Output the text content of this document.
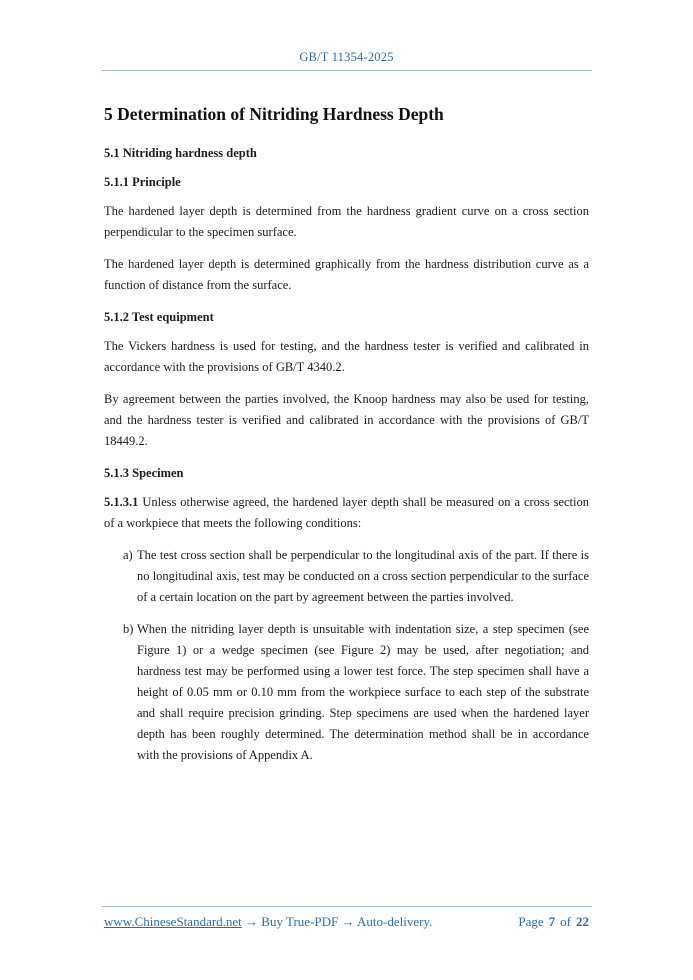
GB/T 11354-2025
5 Determination of Nitriding Hardness Depth
5.1 Nitriding hardness depth
5.1.1 Principle

The hardened layer depth is determined from the hardness gradient curve on a cross section perpendicular to the specimen surface.

The hardened layer depth is determined graphically from the hardness distribution curve as a function of distance from the surface.

5.1.2 Test equipment

The Vickers hardness is used for testing, and the hardness tester is verified and calibrated in accordance with the provisions of GB/T 4340.2.

By agreement between the parties involved, the Knoop hardness may also be used for testing, and the hardness tester is verified and calibrated in accordance with the provisions of GB/T 18449.2.

5.1.3 Specimen

5.1.3.1 Unless otherwise agreed, the hardened layer depth shall be measured on a cross section of a workpiece that meets the following conditions:

a) The test cross section shall be perpendicular to the longitudinal axis of the part. If there is no longitudinal axis, test may be conducted on a cross section perpendicular to the surface of a certain location on the part by agreement between the parties involved.
b) When the nitriding layer depth is unsuitable with indentation size, a step specimen (see Figure 1) or a wedge specimen (see Figure 2) may be used, after negotiation; and hardness test may be performed using a lower test force. The step specimen shall have a height of 0.05 mm or 0.10 mm from the workpiece surface to each step of the substrate and shall require precision grinding. Step specimens are used when the hardened layer depth has been roughly determined. The determination method shall be in accordance with the provisions of Appendix A.
www.ChineseStandard.net → Buy True-PDF → Auto-delivery.	Page 7 of 22
